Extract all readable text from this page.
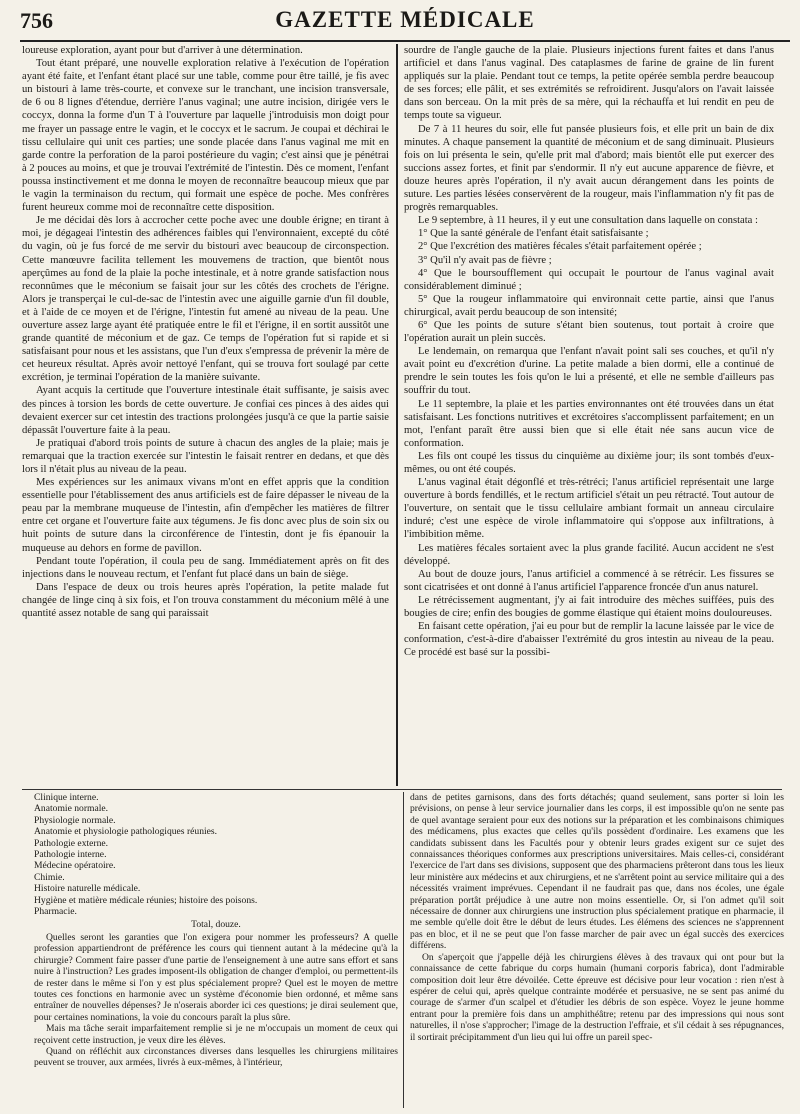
756	GAZETTE MÉDICALE

loureuse exploration, ayant pour but d'arriver à une détermination.

Tout étant préparé, une nouvelle exploration relative à l'exécution de l'opération ayant été faite, et l'enfant étant placé sur une table, comme pour être taillé, je fis avec un bistouri à lame très-courte, et convexe sur le tranchant, une incision transversale, de 6 ou 8 lignes d'étendue, derrière l'anus vaginal; une autre incision, dirigée vers le coccyx, donna la forme d'un T à l'ouverture par laquelle j'introduisis mon doigt pour me frayer un passage entre le vagin, et le coccyx et le sacrum. Je coupai et déchirai le tissu cellulaire qui unit ces parties; une sonde placée dans l'anus vaginal me mit en garde contre la perforation de la paroi postérieure du vagin; c'est ainsi que je pénétrai à 2 pouces au moins, et que je trouvai l'extrémité de l'intestin. Dès ce moment, l'enfant poussa instinctivement et me donna le moyen de reconnaître beaucoup mieux que par le vagin la terminaison du rectum, qui formait une espèce de poche. Mes confrères furent heureux comme moi de reconnaître cette disposition.

Je me décidai dès lors à accrocher cette poche avec une double érigne; en tirant à moi, je dégageai l'intestin des adhérences faibles qui l'environnaient, excepté du côté du vagin, où je fus forcé de me servir du bistouri avec beaucoup de circonspection. Cette manœuvre facilita tellement les mouvemens de traction, que bientôt nous aperçûmes au fond de la plaie la poche intestinale, et à notre grande satisfaction nous reconnûmes que le méconium se faisait jour sur les côtés des crochets de l'érigne. Alors je transperçai le cul-de-sac de l'intestin avec une aiguille garnie d'un fil double, et à l'aide de ce moyen et de l'érigne, l'intestin fut amené au niveau de la peau. Une ouverture assez large ayant été pratiquée entre le fil et l'érigne, il en sortit aussitôt une grande quantité de méconium et de gaz. Ce temps de l'opération fut si rapide et si satisfaisant pour nous et les assistans, que l'un d'eux s'empressa de prévenir la mère de cet heureux résultat. Après avoir nettoyé l'enfant, qui se trouva fort soulagé par cette excrétion, je terminai l'opération de la manière suivante.

Ayant acquis la certitude que l'ouverture intestinale était suffisante, je saisis avec des pinces à torsion les bords de cette ouverture. Je confiai ces pinces à des aides qui devaient exercer sur cet intestin des tractions prolongées jusqu'à ce que la partie saisie dépassât l'ouverture faite à la peau.

Je pratiquai d'abord trois points de suture à chacun des angles de la plaie; mais je remarquai que la traction exercée sur l'intestin le faisait rentrer en dedans, et que dès lors il n'était plus au niveau de la peau.

Mes expériences sur les animaux vivans m'ont en effet appris que la condition essentielle pour l'établissement des anus artificiels est de faire dépasser le niveau de la peau par la membrane muqueuse de l'intestin, afin d'empêcher les matières de filtrer entre cet organe et l'ouverture faite aux tégumens. Je fis donc avec plus de soin six ou huit points de suture dans la circonférence de l'intestin, dont je fis épanouir la muqueuse au dehors en forme de pavillon.

Pendant toute l'opération, il coula peu de sang. Immédiatement après on fit des injections dans le nouveau rectum, et l'enfant fut placé dans un bain de siège.

Dans l'espace de deux ou trois heures après l'opération, la petite malade fut changée de linge cinq à six fois, et l'on trouva constamment du méconium mêlé à une quantité assez notable de sang qui paraissait

sourdre de l'angle gauche de la plaie. Plusieurs injections furent faites et dans l'anus artificiel et dans l'anus vaginal. Des cataplasmes de farine de graine de lin furent appliqués sur la plaie. Pendant tout ce temps, la petite opérée sembla perdre beaucoup de ses forces; elle pâlit, et ses extrémités se refroidirent. Jusqu'alors on l'avait laissée dans son berceau. On la mit près de sa mère, qui la réchauffa et lui rendit en peu de temps toute sa vigueur.

De 7 à 11 heures du soir, elle fut pansée plusieurs fois, et elle prit un bain de dix minutes. A chaque pansement la quantité de méconium et de sang diminuait. Plusieurs fois on lui présenta le sein, qu'elle prit mal d'abord; mais bientôt elle put exercer des succions assez fortes, et finit par s'endormir. Il n'y eut aucune apparence de fièvre, et douze heures après l'opération, il n'y avait aucun dérangement dans les points de suture. Les parties lésées conservèrent de la rougeur, mais l'inflammation n'y fit pas de progrès remarquables.

Le 9 septembre, à 11 heures, il y eut une consultation dans laquelle on constata :

1° Que la santé générale de l'enfant était satisfaisante ;

2° Que l'excrétion des matières fécales s'était parfaitement opérée ;

3° Qu'il n'y avait pas de fièvre ;

4° Que le boursoufflement qui occupait le pourtour de l'anus vaginal avait considérablement diminué ;

5° Que la rougeur inflammatoire qui environnait cette partie, ainsi que l'anus chirurgical, avait perdu beaucoup de son intensité;

6° Que les points de suture s'étant bien soutenus, tout portait à croire que l'opération aurait un plein succès.

Le lendemain, on remarqua que l'enfant n'avait point sali ses couches, et qu'il n'y avait point eu d'excrétion d'urine. La petite malade a bien dormi, elle a continué de prendre le sein toutes les fois qu'on le lui a présenté, et elle ne semble d'ailleurs pas souffrir du tout.

Le 11 septembre, la plaie et les parties environnantes ont été trouvées dans un état satisfaisant. Les fonctions nutritives et excrétoires s'accomplissent parfaitement; en un mot, l'enfant paraît être aussi bien que si elle était née sans aucun vice de conformation.

Les fils ont coupé les tissus du cinquième au dixième jour; ils sont tombés d'eux-mêmes, ou ont été coupés.

L'anus vaginal était dégonflé et très-rétréci; l'anus artificiel représentait une large ouverture à bords fendillés, et le rectum artificiel s'était un peu rétracté. Tout autour de l'ouverture, on sentait que le tissu cellulaire ambiant formait un anneau circulaire induré; c'est une espèce de virole inflammatoire qui s'oppose aux infiltrations, à l'imbibition même.

Les matières fécales sortaient avec la plus grande facilité. Aucun accident ne s'est développé.

Au bout de douze jours, l'anus artificiel a commencé à se rétrécir. Les fissures se sont cicatrisées et ont donné à l'anus artificiel l'apparence froncée d'un anus naturel.

Le rétrécissement augmentant, j'y ai fait introduire des mèches suiffées, puis des bougies de cire; enfin des bougies de gomme élastique qui étaient moins douloureuses.

En faisant cette opération, j'ai eu pour but de remplir la lacune laissée par le vice de conformation, c'est-à-dire d'abaisser l'extrémité du gros intestin au niveau de la peau. Ce procédé est basé sur la possibi-

Clinique interne.
Anatomie normale.
Physiologie normale.
Anatomie et physiologie pathologiques réunies.
Pathologie externe.
Pathologie interne.
Médecine opératoire.
Chimie.
Histoire naturelle médicale.
Hygiène et matière médicale réunies; histoire des poisons.
Pharmacie.
Total, douze.

Quelles seront les garanties que l'on exigera pour nommer les professeurs? A quelle profession appartiendront de préférence les cours qui tiennent autant à la médecine qu'à la chirurgie? Comment faire passer d'une partie de l'enseignement à une autre sans effort et sans nuire à l'instruction? Les grades imposent-ils obligation de changer d'emploi, ou permettent-ils de rester dans le même si l'on y est plus spécialement propre? Quel est le moyen de mettre toutes ces fonctions en harmonie avec un système d'économie bien ordonné, et même sans entraîner de nouvelles dépenses? Je n'oserais aborder ici ces questions; je dirai seulement que, pour certaines nominations, la voie du concours paraît la plus sûre.

Mais ma tâche serait imparfaitement remplie si je ne m'occupais un moment de ceux qui reçoivent cette instruction, je veux dire les élèves.

Quand on réfléchit aux circonstances diverses dans lesquelles les chirurgiens militaires peuvent se trouver, aux armées, livrés à eux-mêmes, à l'intérieur,

dans de petites garnisons, dans des forts détachés; quand seulement, sans porter si loin les prévisions, on pense à leur service journalier dans les corps, il est impossible qu'on ne sente pas de quel avantage seraient pour eux des notions sur la préparation et les combinaisons chimiques des médicamens, plus exactes que celles qu'ils possèdent d'ordinaire. Les examens que les candidats subissent dans les Facultés pour y obtenir leurs grades exigent sur ce sujet des connaissances théoriques conformes aux prescriptions universitaires. Mais celles-ci, considérant l'exercice de l'art dans ses divisions, supposent que des pharmaciens prêteront dans tous les lieux leur ministère aux médecins et aux chirurgiens, et ne s'arrêtent point au service militaire qui a des nécessités vraiment imprévues. Cependant il ne faudrait pas que, dans nos écoles, une égale préparation portât préjudice à une autre non moins essentielle. Or, si l'on admet qu'il soit nécessaire de donner aux chirurgiens une instruction plus spécialement pratique en pharmacie, il me semble qu'elle doit être le début de leurs études. Les élémens des sciences ne s'apprennent pas en bloc, et il ne se peut que l'on fasse marcher de pair avec un égal succès des exercices différens.

On s'aperçoit que j'appelle déjà les chirurgiens élèves à des travaux qui ont pour but la connaissance de cette fabrique du corps humain (humani corporis fabrica), dont l'admirable composition doit leur être dévoilée. Cette épreuve est décisive pour leur vocation : rien n'est à espérer de celui qui, après quelque contrainte modérée et persuasive, ne se sent pas animé du courage de s'armer d'un scalpel et d'étudier les débris de son espèce. Voyez le jeune homme entrant pour la première fois dans un amphithéâtre; retenu par des impressions qui nous sont naturelles, il n'ose s'approcher; l'image de la destruction l'effraie, et s'il cédait à ses répugnances, il sortirait précipitamment d'un lieu qui lui offre un pareil spec-
